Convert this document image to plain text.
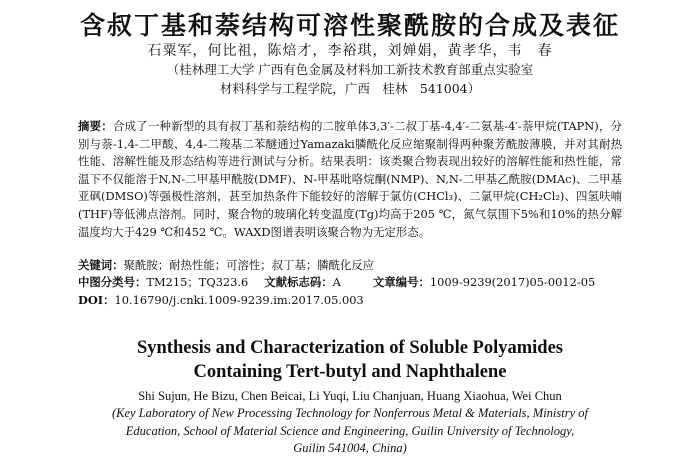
含叔丁基和萘结构可溶性聚酰胺的合成及表征
石粟军，何比祖，陈焙才，李裕琪，刘婵娟，黄孝华，韦　春
（桂林理工大学 广西有色金属及材料加工新技术教育部重点实验室
材料科学与工程学院，广西　桂林　541004）
摘要：合成了一种新型的具有叔丁基和萘结构的二胺单体3,3′-二叔丁基-4,4′-二氨基-4′-萘甲烷(TAPN)，分别与萘-1,4-二甲酸、4,4-二羧基二苯醚通过Yamazaki膦酰化反应缩聚制得两种聚芳酰胺薄膜，并对其耐热性能、溶解性能及形态结构等进行测试与分析。结果表明：该类聚合物表现出较好的溶解性能和热性能，常温下不仅能溶于N,N-二甲基甲酰胺(DMF)、N-甲基吡咯烷酮(NMP)、N,N-二甲基乙酰胺(DMAc)、二甲基亚砜(DMSO)等强极性溶剂，甚至加热条件下能较好的溶解于氯仿(CHCl₃)、二氯甲烷(CH₂Cl₂)、四氢呋喃(THF)等低沸点溶剂。同时，聚合物的玻璃化转变温度(Tg)均高于205 ℃，氮气氛围下5%和10%的热分解温度均大于429 ℃和452 ℃。WAXD图谱表明该聚合物为无定形态。
关键词：聚酰胺；耐热性能；可溶性；叔丁基；膦酰化反应
中图分类号：TM215；TQ323.6 文献标志码：A	文章编号：1009-9239(2017)05-0012-05
DOI：10.16790/j.cnki.1009-9239.im.2017.05.003
Synthesis and Characterization of Soluble Polyamides
Containing Tert-butyl and Naphthalene
Shi Sujun, He Bizu, Chen Beicai, Li Yuqi, Liu Chanjuan, Huang Xiaohua, Wei Chun
(Key Laboratory of New Processing Technology for Nonferrous Metal & Materials, Ministry of
Education, School of Material Science and Engineering, Guilin University of Technology,
Guilin 541004, China)
